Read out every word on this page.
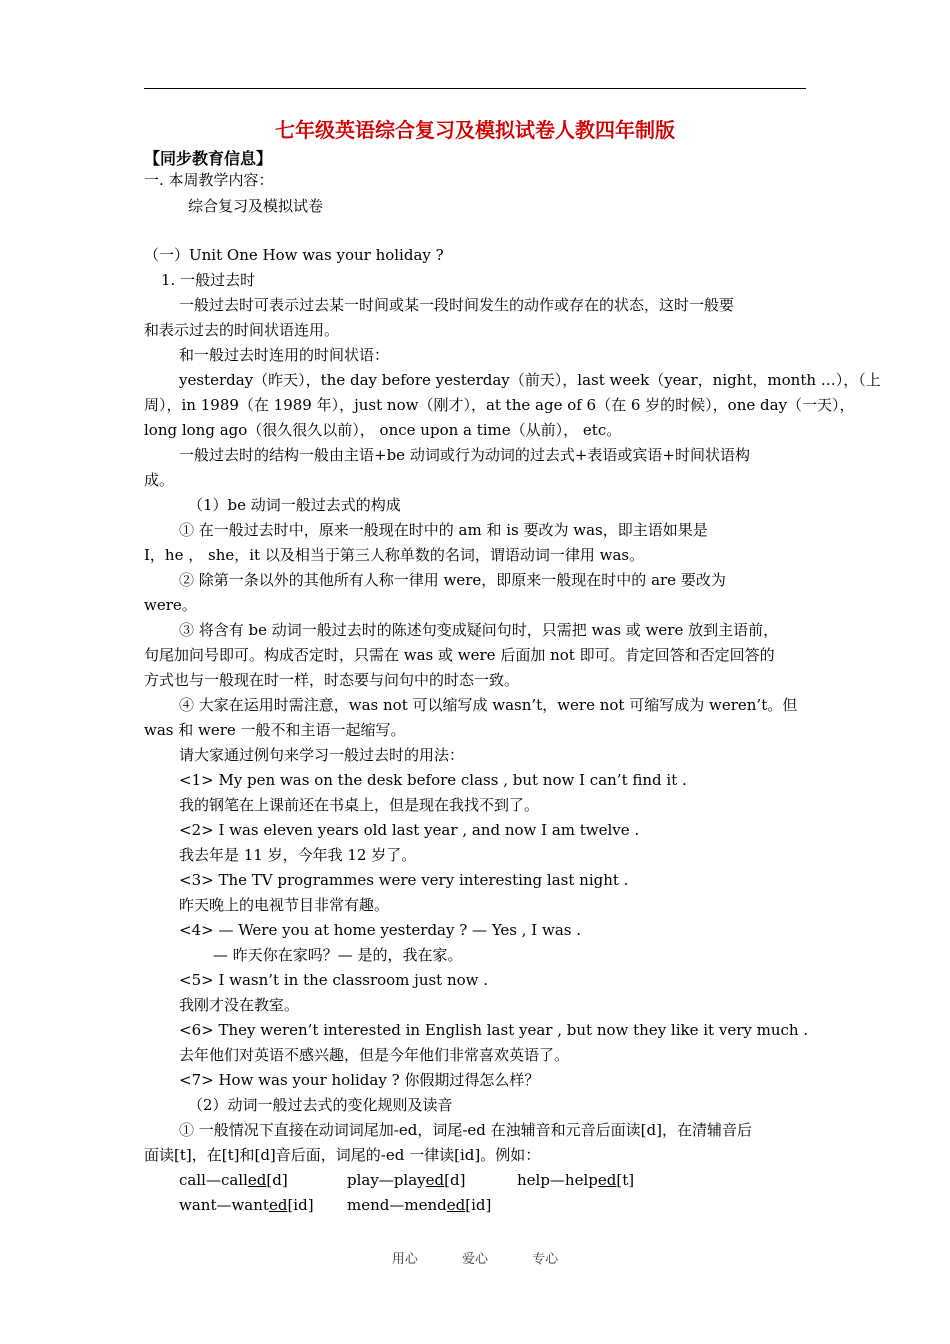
七年级英语综合复习及模拟试卷人教四年制版
【同步教育信息】
一. 本周教学内容：
综合复习及模拟试卷
（一）Unit One How was your holiday ?
1. 一般过去时
一般过去时可表示过去某一时间或某一段时间发生的动作或存在的状态，这时一般要
和表示过去的时间状语连用。
和一般过去时连用的时间状语：
yesterday（昨天），the day before yesterday（前天），last week（year，night，month …），（上
周），in 1989（在 1989 年），just now（刚才），at the age of 6（在 6 岁的时候），one day（一天），
long long ago（很久很久以前）， once upon a time（从前）， etc。
一般过去时的结构一般由主语+be 动词或行为动词的过去式+表语或宾语+时间状语构
成。
（1）be 动词一般过去式的构成
① 在一般过去时中，原来一般现在时中的 am 和 is 要改为 was，即主语如果是
I，he ， she，it 以及相当于第三人称单数的名词，谓语动词一律用 was。
② 除第一条以外的其他所有人称一律用 were，即原来一般现在时中的 are 要改为
were。
③ 将含有 be 动词一般过去时的陈述句变成疑问句时，只需把 was 或 were 放到主语前，
句尾加问号即可。构成否定时，只需在 was 或 were 后面加 not 即可。肯定回答和否定回答的
方式也与一般现在时一样，时态要与问句中的时态一致。
④ 大家在运用时需注意，was not 可以缩写成 wasn’t，were not 可缩写成为 weren’t。但
was 和 were 一般不和主语一起缩写。
请大家通过例句来学习一般过去时的用法：
<1> My pen was on the desk before class , but now I can’t find it .
我的钢笔在上课前还在书桌上，但是现在我找不到了。
<2> I was eleven years old last year , and now I am twelve .
我去年是 11 岁，今年我 12 岁了。
<3> The TV programmes were very interesting last night .
昨天晚上的电视节目非常有趣。
<4> — Were you at home yesterday ? — Yes , I was .
— 昨天你在家吗？— 是的，我在家。
<5> I wasn’t in the classroom just now .
我刚才没在教室。
<6> They weren’t interested in English last year , but now they like it very much .
去年他们对英语不感兴趣，但是今年他们非常喜欢英语了。
<7> How was your holiday ? 你假期过得怎么样？
（2）动词一般过去式的变化规则及读音
① 一般情况下直接在动词词尾加-ed，词尾-ed 在浊辅音和元音后面读[d]，在清辅音后
面读[t]，在[t]和[d]音后面，词尾的-ed 一律读[id]。例如：
call—called[d]	play—played[d]	help—helped[t]
want—wanted[id] mend—mended[id]
用心	爱心	专心
